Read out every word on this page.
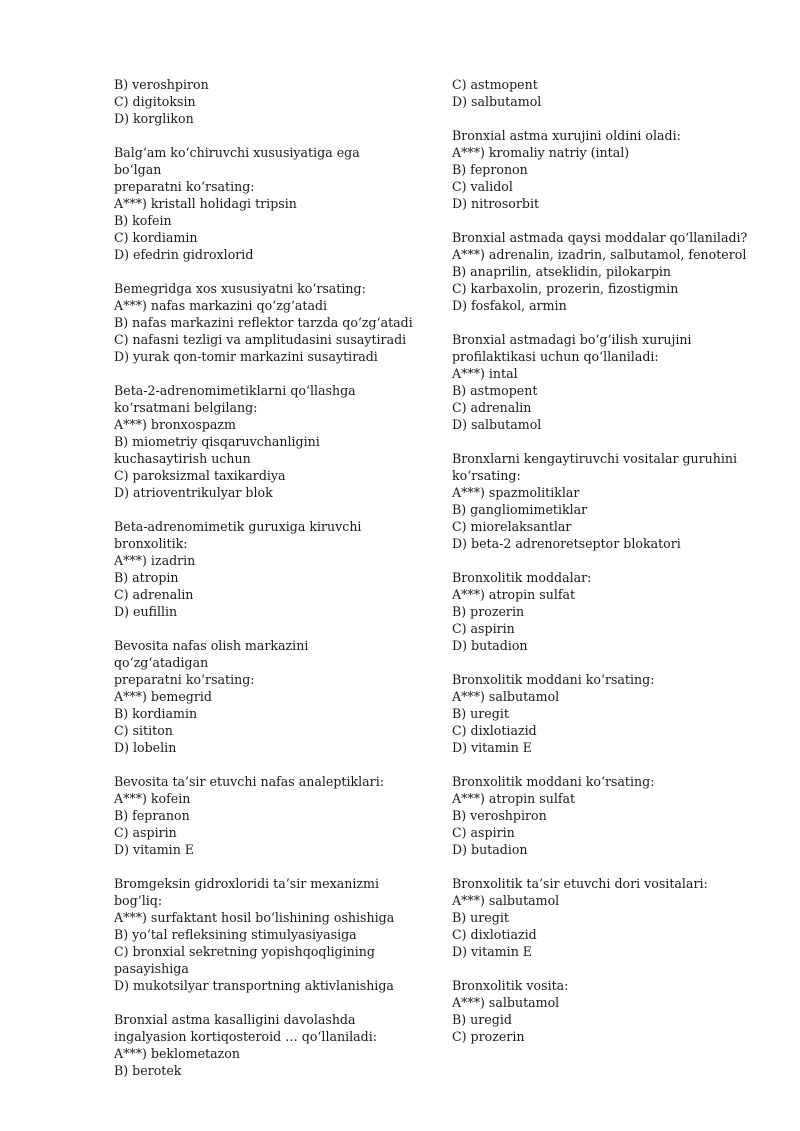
B) veroshpiron
C) digitoksin
D) korglikon
Balg‘am ko‘chiruvchi xususiyatiga ega bo‘lgan
preparatni ko‘rsating:
A***) kristall holidagi tripsin
B) kofein
C) kordiamin
D) efedrin gidroxlorid
Bemegridga xos xususiyatni ko‘rsating:
A***) nafas markazini qo‘zg‘atadi
B) nafas markazini reflektor tarzda qo‘zg‘atadi
C) nafasni tezligi va amplitudasini susaytiradi
D) yurak qon-tomir markazini susaytiradi
Beta-2-adrenomimetiklarni qo‘llashga
ko‘rsatmani belgilang:
A***) bronxospazm
B) miometriy qisqaruvchanligini
kuchasaytirish uchun
C) paroksizmal taxikardiya
D) atrioventrikulyar blok
Beta-adrenomimetik guruxiga kiruvchi
bronxolitik:
A***) izadrin
B) atropin
C) adrenalin
D) eufillin
Bevosita nafas olish markazini qo‘zg‘atadigan
preparatni ko‘rsating:
A***) bemegrid
B) kordiamin
C) sititon
D) lobelin
Bevosita ta’sir etuvchi nafas analeptiklari:
A***) kofein
B) fepranon
C) aspirin
D) vitamin E
Bromgeksin gidroxloridi ta’sir mexanizmi
bog‘liq:
A***) surfaktant hosil bo‘lishining oshishiga
B) yo‘tal refleksining stimulyasiyasiga
C) bronxial sekretning yopishqoqligining
pasayishiga
D) mukotsilyar transportning aktivlanishiga
Bronxial astma kasalligini davolashda
ingalyasion kortiqosteroid … qo‘llaniladi:
A***) beklometazon
B) berotek
C) astmopent
D) salbutamol
Bronxial astma xurujini oldini oladi:
A***) kromaliy natriy (intal)
B) fepronon
C) validol
D) nitrosorbit
Bronxial astmada qaysi moddalar qo‘llaniladi?
A***) adrenalin, izadrin, salbutamol, fenoterol
B) anaprilin, atseklidin, pilokarpin
C) karbaxolin, prozerin, fizostigmin
D) fosfakol, armin
Bronxial astmadagi bo‘g‘ilish xurujini
profilaktikasi uchun qo‘llaniladi:
A***) intal
B) astmopent
C) adrenalin
D) salbutamol
Bronxlarni kengaytiruvchi vositalar guruhini
ko‘rsating:
A***) spazmolitiklar
B) gangliomimetiklar
C) miorelaksantlar
D) beta-2 adrenoretseptor blokatori
Bronxolitik moddalar:
A***) atropin sulfat
B) prozerin
C) aspirin
D) butadion
Bronxolitik moddani ko‘rsating:
A***) salbutamol
B) uregit
C) dixlotiazid
D) vitamin E
Bronxolitik moddani ko‘rsating:
A***) atropin sulfat
B) veroshpiron
C) aspirin
D) butadion
Bronxolitik ta’sir etuvchi dori vositalari:
A***) salbutamol
B) uregit
C) dixlotiazid
D) vitamin E
Bronxolitik vosita:
A***) salbutamol
B) uregid
C) prozerin
